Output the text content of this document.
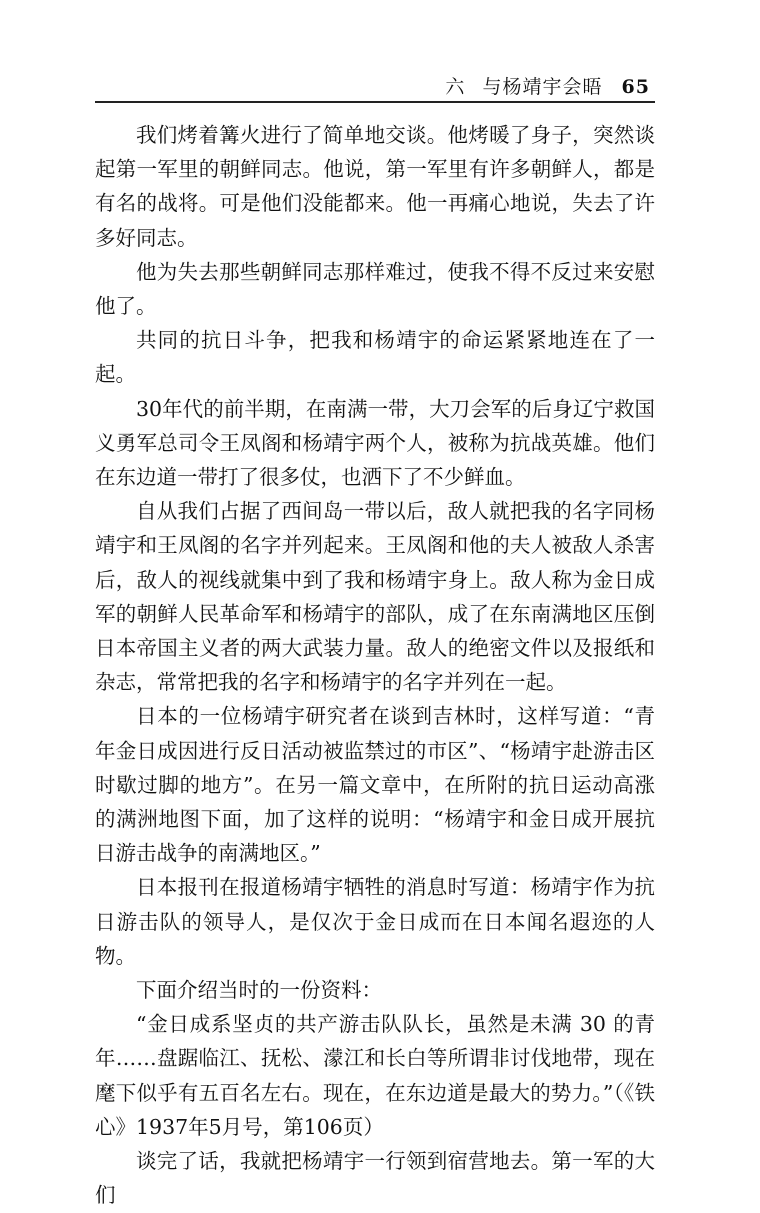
六 与杨靖宇会晤 65

我们烤着篝火进行了简单地交谈。他烤暖了身子，突然谈起第一军里的朝鲜同志。他说，第一军里有许多朝鲜人，都是有名的战将。可是他们没能都来。他一再痛心地说，失去了许多好同志。

他为失去那些朝鲜同志那样难过，使我不得不反过来安慰他了。

共同的抗日斗争，把我和杨靖宇的命运紧紧地连在了一起。

30年代的前半期，在南满一带，大刀会军的后身辽宁救国义勇军总司令王凤阁和杨靖宇两个人，被称为抗战英雄。他们在东边道一带打了很多仗，也洒下了不少鲜血。

自从我们占据了西间岛一带以后，敌人就把我的名字同杨靖宇和王凤阁的名字并列起来。王凤阁和他的夫人被敌人杀害后，敌人的视线就集中到了我和杨靖宇身上。敌人称为金日成军的朝鲜人民革命军和杨靖宇的部队，成了在东南满地区压倒日本帝国主义者的两大武装力量。敌人的绝密文件以及报纸和杂志，常常把我的名字和杨靖宇的名字并列在一起。

日本的一位杨靖宇研究者在谈到吉林时，这样写道：“青年金日成因进行反日活动被监禁过的市区”、“杨靖宇赴游击区时歇过脚的地方”。在另一篇文章中，在所附的抗日运动高涨的满洲地图下面，加了这样的说明：“杨靖宇和金日成开展抗日游击战争的南满地区。”

日本报刊在报道杨靖宇牺牲的消息时写道：杨靖宇作为抗日游击队的领导人，是仅次于金日成而在日本闻名遐迩的人物。

下面介绍当时的一份资料：

“金日成系坚贞的共产游击队队长，虽然是未满 30 的青年……盘踞临江、抚松、濛江和长白等所谓非讨伐地带，现在麾下似乎有五百名左右。现在，在东边道是最大的势力。”（《铁心》1937年5月号，第106页）

谈完了话，我就把杨靖宇一行领到宿营地去。第一军的大们
